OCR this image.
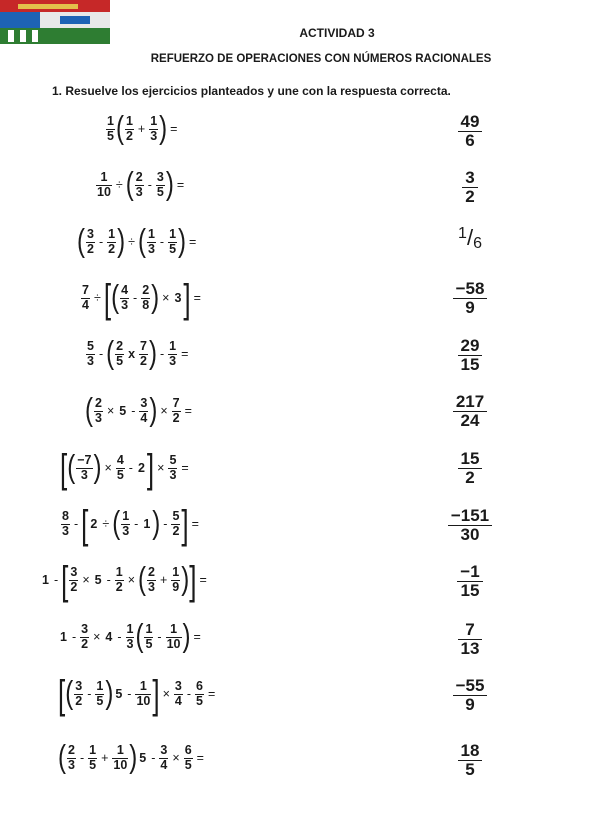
ACTIVIDAD 3
REFUERZO DE OPERACIONES CON NÚMEROS RACIONALES
1. Resuelve los ejercicios planteados y une con la respuesta correcta.
$\frac{1}{5}$ ( $\frac{1}{2} + \frac{1}{3}$ ) =
$\frac{1}{10}$ ÷ ( $\frac{2}{3} - \frac{3}{5}$ ) =
( $\frac{3}{2} - \frac{1}{2}$ ) ÷ ( $\frac{1}{3} - \frac{1}{5}$ ) =
$\frac{7}{4}$ ÷ [ ( $\frac{4}{3} - \frac{2}{8}$ ) × 3 ] =
$\frac{5}{3}$ - ( $\frac{2}{5}$ x $\frac{7}{2}$ ) - $\frac{1}{3}$ =
( $\frac{2}{3} \times 5 - \frac{3}{4}$ ) × $\frac{7}{2}$ =
[ ( $\frac{-7}{3}$ ) × $\frac{4}{5} - 2$ ] × $\frac{5}{3}$ =
$\frac{8}{3}$ - [ 2 ÷ ( $\frac{1}{3} - 1$ ) - $\frac{5}{2}$ ] =
1 - [ $\frac{3}{2} \times 5 - \frac{1}{2}$ × ( $\frac{2}{3} + \frac{1}{9}$ ) ] =
$1 - \frac{3}{2} \times 4 - \frac{1}{3}$ ( $\frac{1}{5} - \frac{1}{10}$ ) =
[ ( $\frac{3}{2} - \frac{1}{5}$ ) $5 - \frac{1}{10}$ ] × $\frac{3}{4} - \frac{6}{5}$ =
( $\frac{2}{3} - \frac{1}{5} + \frac{1}{10}$ ) $5 - \frac{3}{4} \times \frac{6}{5}$ =
$\frac{49}{6}$
$\frac{3}{2}$
$^1/_6$
$\frac{-58}{9}$
$\frac{29}{15}$
$\frac{217}{24}$
$\frac{15}{2}$
$\frac{-151}{30}$
$\frac{-1}{15}$
$\frac{7}{13}$
$\frac{-55}{9}$
$\frac{18}{5}$
